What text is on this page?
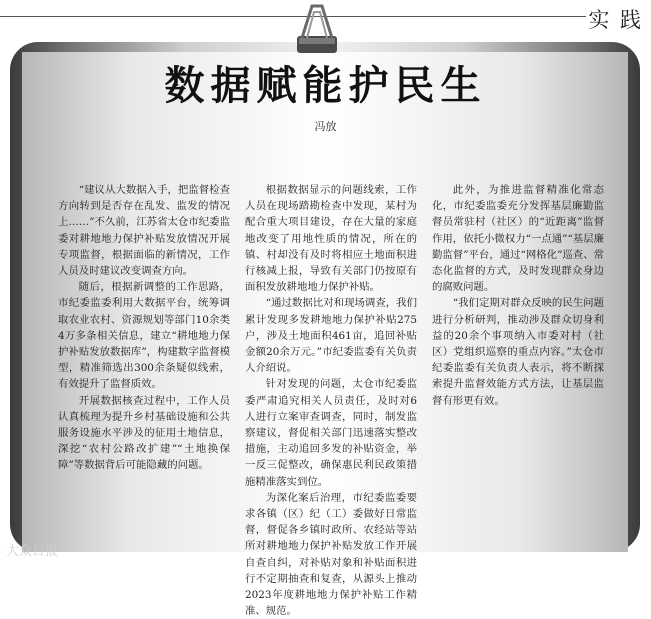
实 践
数据赋能护民生
冯放

“建议从大数据入手，把监督检查方向转到是否存在乱发、监发的情况上……”不久前，江苏省太仓市纪委监委对耕地地力保护补贴发放情况开展专项监督，根据面临的新情况，工作人员及时建议改变调查方向。

随后，根据新调整的工作思路，市纪委监委利用大数据平台，统筹调取农业农村、资源规划等部门10余类4万多条相关信息，建立“耕地地力保护补贴发放数据库”，构建数字监督模型，精准筛选出300余条疑似线索，有效提升了监督质效。

开展数据核查过程中，工作人员认真梳理为提升乡村基础设施和公共服务设施水平涉及的征用土地信息，深挖“农村公路改扩建”“土地换保障”等数据背后可能隐藏的问题。

根据数据显示的问题线索，工作人员在现场踏勘检查中发现，某村为配合重大项目建设，存在大量的家庭地改变了用地性质的情况，所在的镇、村却没有及时将相应土地面积进行核减上报，导致有关部门仍按原有面积发放耕地地力保护补贴。

“通过数据比对和现场调查，我们累计发现多发耕地地力保护补贴275户，涉及土地面积461亩，追回补贴金额20余万元。”市纪委监委有关负责人介绍说。

针对发现的问题，太仓市纪委监委严肃追究相关人员责任，及时对6人进行立案审查调查，同时，制发监察建议，督促相关部门迅速落实整改措施，主动追回多发的补贴资金，举一反三促整改，确保惠民利民政策措施精准落实到位。

为深化案后治理，市纪委监委要求各镇（区）纪（工）委做好日常监督，督促各乡镇时政所、农经站等站所对耕地地力保护补贴发放工作开展自查自纠，对补贴对象和补贴面积进行不定期抽查和复查，从源头上推动2023年度耕地地力保护补贴工作精准、规范。

此外，为推进监督精准化常态化，市纪委监委充分发挥基层廉勤监督员常驻村（社区）的“近距离”监督作用，依托小微权力“一点通”“基层廉勤监督”平台，通过“网格化”巡查、常态化监督的方式，及时发现群众身边的腐败问题。

“我们定期对群众反映的民生问题进行分析研判，推动涉及群众切身利益的20余个事项纳入市委对村（社区）党组织巡察的重点内容。”太仓市纪委监委有关负责人表示，将不断探索提升监督效能方式方法，让基层监督有形更有效。

大众日报
